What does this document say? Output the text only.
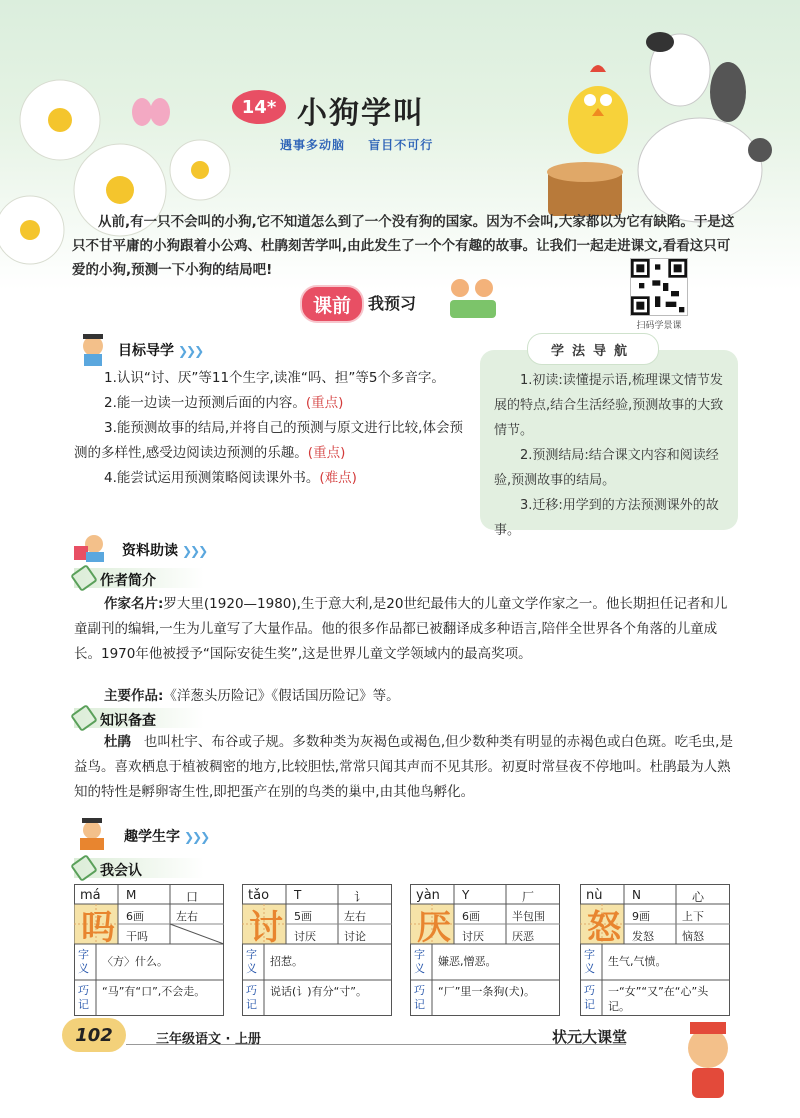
14* 小狗学叫
遇事多动脑 盲目不可行
从前,有一只不会叫的小狗,它不知道怎么到了一个没有狗的国家。因为不会叫,大家都以为它有缺陷。于是这只不甘平庸的小狗跟着小公鸡、杜鹃刻苦学叫,由此发生了一个个有趣的故事。让我们一起走进课文,看看这只可爱的小狗,预测一下小狗的结局吧!
扫码学景课
课前	我预习
目标导学 ❯❯❯
1.认识“讨、厌”等11个生字,读准“吗、担”等5个多音字。
2.能一边读一边预测后面的内容。(重点)
3.能预测故事的结局,并将自己的预测与原文进行比较,体会预测的多样性,感受边阅读边预测的乐趣。(重点)
4.能尝试运用预测策略阅读课外书。(难点)
学法导航

1.初读:读懂提示语,梳理课文情节发展的特点,结合生活经验,预测故事的大致情节。

2.预测结局:结合课文内容和阅读经验,预测故事的结局。

3.迁移:用学到的方法预测课外的故事。

资料助读 ❯❯❯
作者简介
作家名片:罗大里(1920—1980),生于意大利,是20世纪最伟大的儿童文学作家之一。他长期担任记者和儿童副刊的编辑,一生为儿童写了大量作品。他的很多作品都已被翻译成多种语言,陪伴全世界各个角落的儿童成长。1970年他被授予“国际安徒生奖”,这是世界儿童文学领域内的最高奖项。
主要作品:《洋葱头历险记》《假话国历险记》等。
知识备查
杜鹃 也叫杜宇、布谷或子规。多数种类为灰褐色或褐色,但少数种类有明显的赤褐色或白色斑。吃毛虫,是益鸟。喜欢栖息于植被稠密的地方,比较胆怯,常常只闻其声而不见其形。初夏时常昼夜不停地叫。杜鹃最为人熟知的特性是孵卵寄生性,即把蛋产在别的鸟类的巢中,由其他鸟孵化。
趣学生字 ❯❯❯
我会认
má M	口
吗 6画	左右
干吗
字义
〈方〉什么。
巧记
“马”有“口”,不会走。
tǎo T	讠
讨 5画	左右
讨厌	讨论
字义
招惹。
巧记
说话(讠)有分“寸”。
yàn Y	厂
厌 6画	半包围
讨厌	厌恶
字义
嫌恶,憎恶。
巧记
“厂”里一条狗(犬)。
nù N	心
怒 9画	上下
发怒	恼怒
字义
生气,气愤。
巧记
一“女”“又”在“心”头记。
102	三年级语文 · 上册	状元大课堂
